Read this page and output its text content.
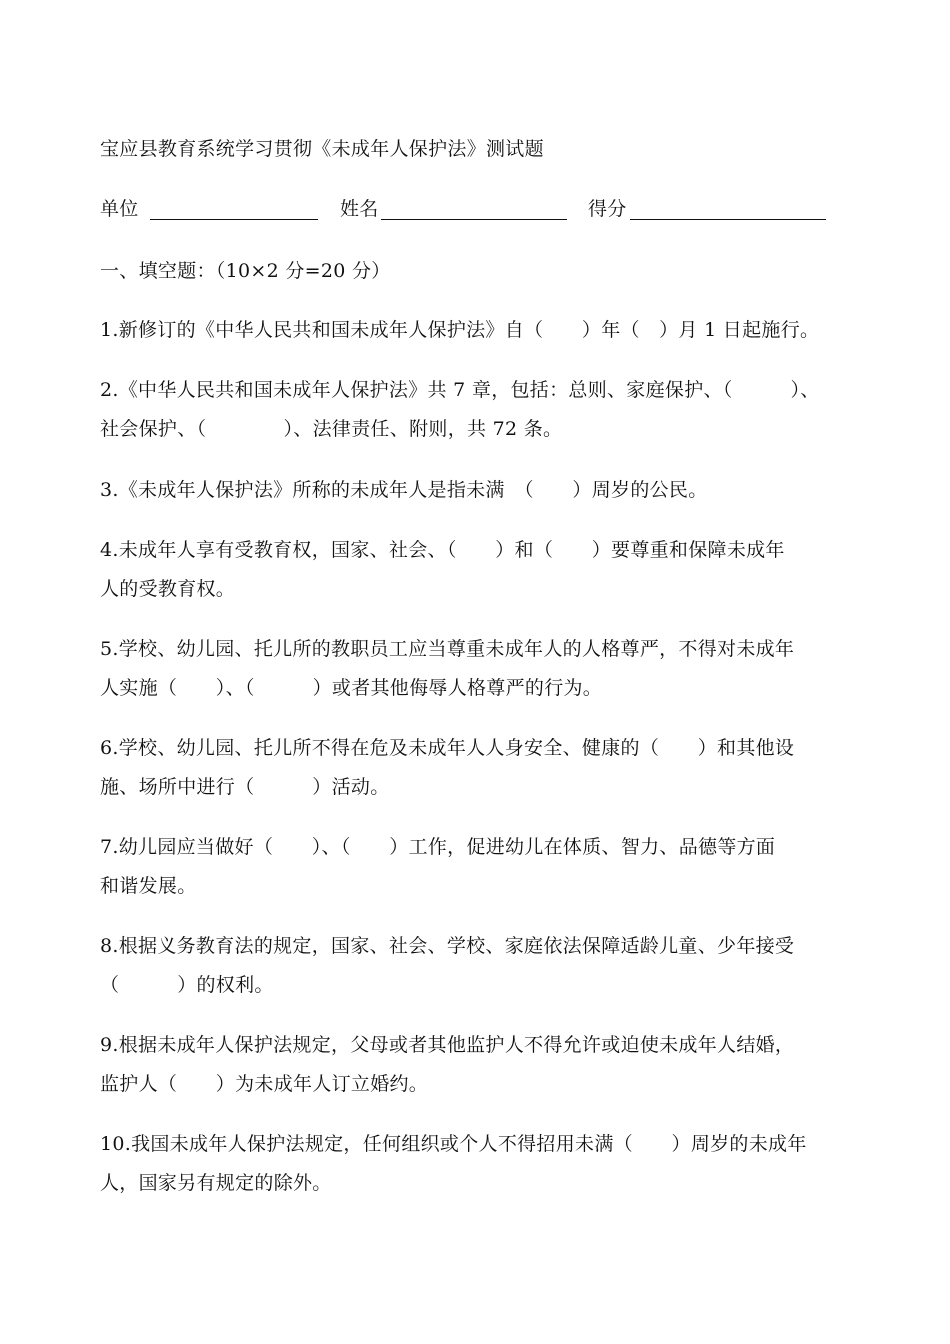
宝应县教育系统学习贯彻《未成年人保护法》测试题

单位

	姓名

	得分

一、填空题：（10×2 分=20 分）
1.新修订的《中华人民共和国未成年人保护法》自（　　）年（　）月 1 日起施行。
2.《中华人民共和国未成年人保护法》共 7 章，包括：总则、家庭保护、（　　　）、
社会保护、（　　　　）、法律责任、附则，共 72 条。
3.《未成年人保护法》所称的未成年人是指未满　（　　）周岁的公民。
4.未成年人享有受教育权，国家、社会、（　　）和（　　）要尊重和保障未成年
人的受教育权。
5.学校、幼儿园、托儿所的教职员工应当尊重未成年人的人格尊严，不得对未成年
人实施（　　）、（　　　）或者其他侮辱人格尊严的行为。
6.学校、幼儿园、托儿所不得在危及未成年人人身安全、健康的（　　）和其他设
施、场所中进行（　　　）活动。
7.幼儿园应当做好（　　）、（　　）工作，促进幼儿在体质、智力、品德等方面
和谐发展。
8.根据义务教育法的规定，国家、社会、学校、家庭依法保障适龄儿童、少年接受
（　　　）的权利。
9.根据未成年人保护法规定，父母或者其他监护人不得允许或迫使未成年人结婚，
监护人（　　）为未成年人订立婚约。
10.我国未成年人保护法规定，任何组织或个人不得招用未满（　　）周岁的未成年
人，国家另有规定的除外。
